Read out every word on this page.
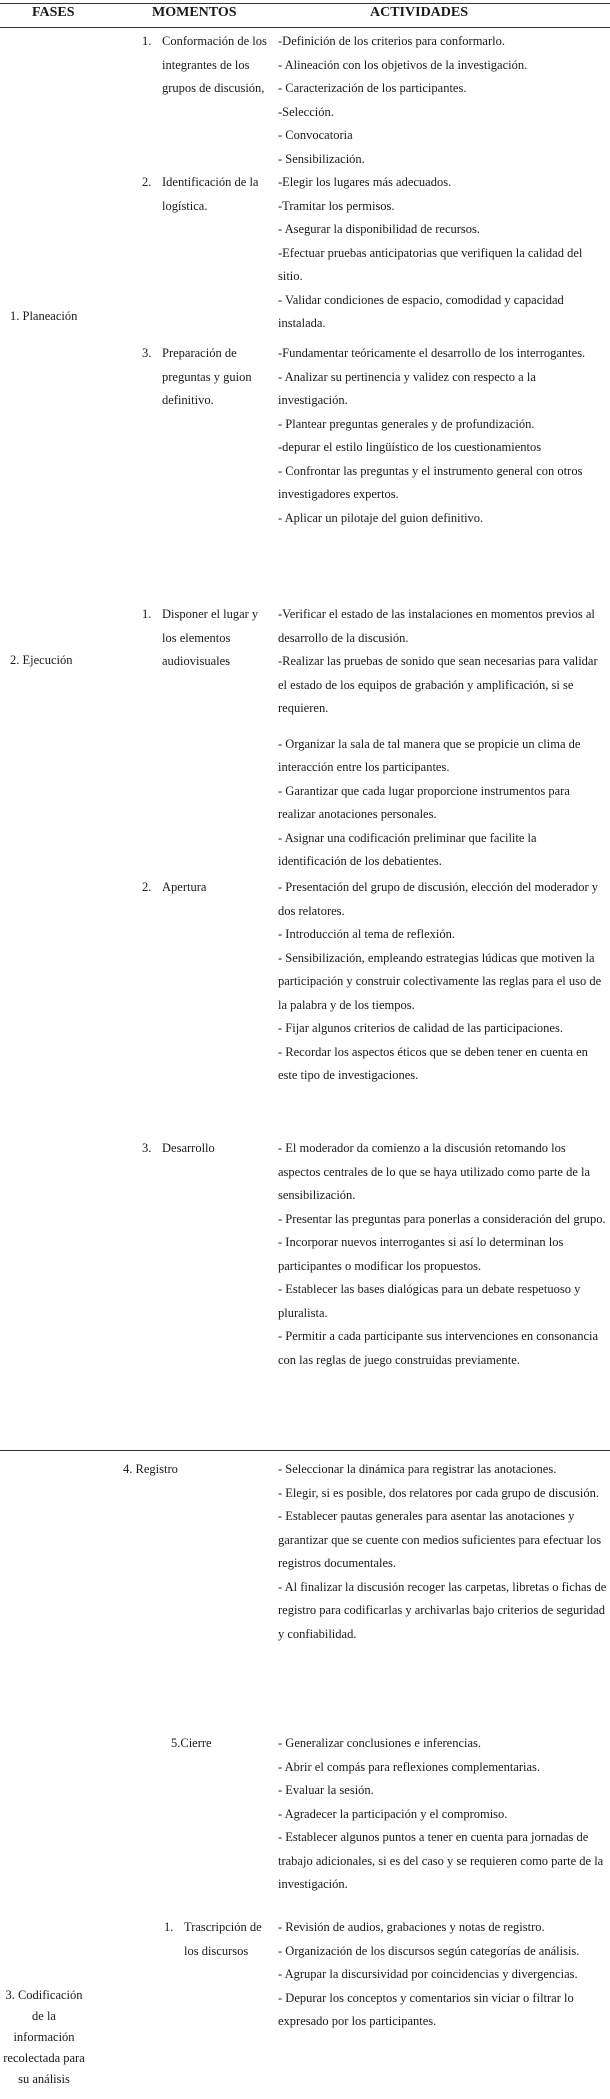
FASES	MOMENTOS	ACTIVIDADES
1. Planeación
2. Ejecución
3. Codificación de la información recolectada para su análisis
1. Conformación de los integrantes de los grupos de discusión,
2. Identificación de la logística.
3. Preparación de preguntas y guion definitivo.
1. Disponer el lugar y los elementos audiovisuales
2. Apertura
3. Desarrollo
4. Registro
5.Cierre
1. Trascripción de los discursos
-Definición de los criterios para conformarlo.
- Alineación con los objetivos de la investigación.
- Caracterización de los participantes.
-Selección.
- Convocatoria
- Sensibilización.
-Elegir los lugares más adecuados.
-Tramitar los permisos.
- Asegurar la disponibilidad de recursos.
-Efectuar pruebas anticipatorias que verifiquen la calidad del sitio.
- Validar condiciones de espacio, comodidad y capacidad instalada.
-Fundamentar teóricamente el desarrollo de los interrogantes.
- Analizar su pertinencia y validez con respecto a la investigación.
- Plantear preguntas generales y de profundización.
-depurar el estilo lingüístico de los cuestionamientos
- Confrontar las preguntas y el instrumento general con otros investigadores expertos.
- Aplicar un pilotaje del guion definitivo.
-Verificar el estado de las instalaciones en momentos previos al desarrollo de la discusión.
-Realizar las pruebas de sonido que sean necesarias para validar el estado de los equipos de grabación y amplificación, si se requieren.
- Organizar la sala de tal manera que se propicie un clima de interacción entre los participantes.
- Garantizar que cada lugar proporcione instrumentos para realizar anotaciones personales.
- Asignar una codificación preliminar que facilite la identificación de los debatientes.
- Presentación del grupo de discusión, elección del moderador y dos relatores.
- Introducción al tema de reflexión.
- Sensibilización, empleando estrategias lúdicas que motiven la participación y construir colectivamente las reglas para el uso de la palabra y de los tiempos.
- Fijar algunos criterios de calidad de las participaciones.
- Recordar los aspectos éticos que se deben tener en cuenta en este tipo de investigaciones.
- El moderador da comienzo a la discusión retomando los aspectos centrales de lo que se haya utilizado como parte de la sensibilización.
- Presentar las preguntas para ponerlas a consideración del grupo.
- Incorporar nuevos interrogantes si así lo determinan los participantes o modificar los propuestos.
- Establecer las bases dialógicas para un debate respetuoso y pluralista.
- Permitir a cada participante sus intervenciones en consonancia con las reglas de juego construidas previamente.
- Seleccionar la dinámica para registrar las anotaciones.
- Elegir, si es posible, dos relatores por cada grupo de discusión.
- Establecer pautas generales para asentar las anotaciones y garantizar que se cuente con medios suficientes para efectuar los registros documentales.
- Al finalizar la discusión recoger las carpetas, libretas o fichas de registro para codificarlas y archivarlas bajo criterios de seguridad y confiabilidad.
- Generalizar conclusiones e inferencias.
- Abrir el compás para reflexiones complementarias.
- Evaluar la sesión.
- Agradecer la participación y el compromiso.
- Establecer algunos puntos a tener en cuenta para jornadas de trabajo adicionales, si es del caso y se requieren como parte de la investigación.
- Revisión de audios, grabaciones y notas de registro.
- Organización de los discursos según categorías de análisis.
- Agrupar la discursividad por coincidencias y divergencias.
- Depurar los conceptos y comentarios sin viciar o filtrar lo expresado por los participantes.
